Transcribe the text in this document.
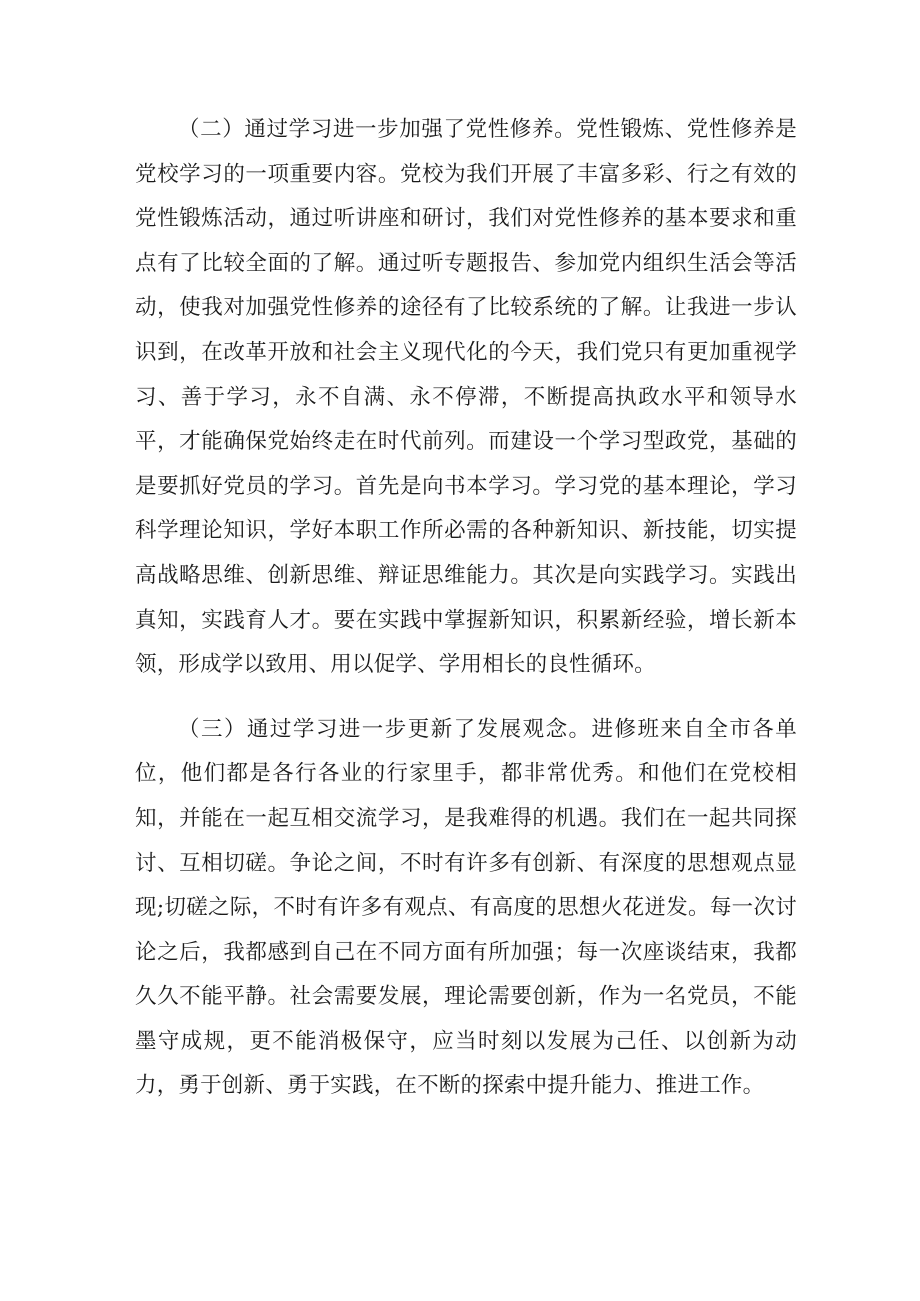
（二）通过学习进一步加强了党性修养。党性锻炼、党性修养是党校学习的一项重要内容。党校为我们开展了丰富多彩、行之有效的党性锻炼活动，通过听讲座和研讨，我们对党性修养的基本要求和重点有了比较全面的了解。通过听专题报告、参加党内组织生活会等活动，使我对加强党性修养的途径有了比较系统的了解。让我进一步认识到，在改革开放和社会主义现代化的今天，我们党只有更加重视学习、善于学习，永不自满、永不停滞，不断提高执政水平和领导水平，才能确保党始终走在时代前列。而建设一个学习型政党，基础的是要抓好党员的学习。首先是向书本学习。学习党的基本理论，学习科学理论知识，学好本职工作所必需的各种新知识、新技能，切实提高战略思维、创新思维、辩证思维能力。其次是向实践学习。实践出真知，实践育人才。要在实践中掌握新知识，积累新经验，增长新本领，形成学以致用、用以促学、学用相长的良性循环。

（三）通过学习进一步更新了发展观念。进修班来自全市各单位，他们都是各行各业的行家里手，都非常优秀。和他们在党校相知，并能在一起互相交流学习，是我难得的机遇。我们在一起共同探讨、互相切磋。争论之间，不时有许多有创新、有深度的思想观点显现;切磋之际，不时有许多有观点、有高度的思想火花迸发。每一次讨论之后，我都感到自己在不同方面有所加强；每一次座谈结束，我都久久不能平静。社会需要发展，理论需要创新，作为一名党员，不能墨守成规，更不能消极保守，应当时刻以发展为己任、以创新为动力，勇于创新、勇于实践，在不断的探索中提升能力、推进工作。
